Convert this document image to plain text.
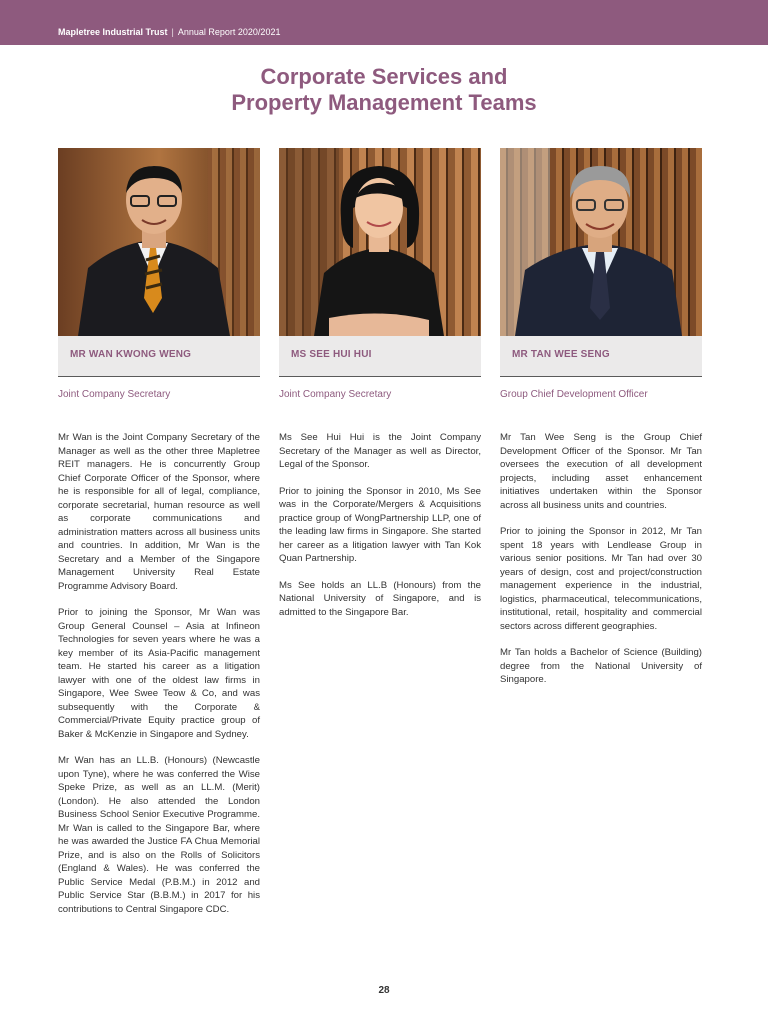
Mapletree Industrial Trust | Annual Report 2020/2021
Corporate Services and
Property Management Teams
MR WAN KWONG WENG
Joint Company Secretary

Mr Wan is the Joint Company Secretary of the Manager as well as the other three Mapletree REIT managers. He is concurrently Group Chief Corporate Officer of the Sponsor, where he is responsible for all of legal, compliance, corporate secretarial, human resource as well as corporate communications and administration matters across all business units and countries. In addition, Mr Wan is the Secretary and a Member of the Singapore Management University Real Estate Programme Advisory Board.

Prior to joining the Sponsor, Mr Wan was Group General Counsel – Asia at Infineon Technologies for seven years where he was a key member of its Asia-Pacific management team. He started his career as a litigation lawyer with one of the oldest law firms in Singapore, Wee Swee Teow & Co, and was subsequently with the Corporate & Commercial/Private Equity practice group of Baker & McKenzie in Singapore and Sydney.

Mr Wan has an LL.B. (Honours) (Newcastle upon Tyne), where he was conferred the Wise Speke Prize, as well as an LL.M. (Merit) (London). He also attended the London Business School Senior Executive Programme. Mr Wan is called to the Singapore Bar, where he was awarded the Justice FA Chua Memorial Prize, and is also on the Rolls of Solicitors (England & Wales). He was conferred the Public Service Medal (P.B.M.) in 2012 and Public Service Star (B.B.M.) in 2017 for his contributions to Central Singapore CDC.

MS SEE HUI HUI
Joint Company Secretary

Ms See Hui Hui is the Joint Company Secretary of the Manager as well as Director, Legal of the Sponsor.

Prior to joining the Sponsor in 2010, Ms See was in the Corporate/Mergers & Acquisitions practice group of WongPartnership LLP, one of the leading law firms in Singapore. She started her career as a litigation lawyer with Tan Kok Quan Partnership.

Ms See holds an LL.B (Honours) from the National University of Singapore, and is admitted to the Singapore Bar.

MR TAN WEE SENG
Group Chief Development Officer

Mr Tan Wee Seng is the Group Chief Development Officer of the Sponsor. Mr Tan oversees the execution of all development projects, including asset enhancement initiatives undertaken within the Sponsor across all business units and countries.

Prior to joining the Sponsor in 2012, Mr Tan spent 18 years with Lendlease Group in various senior positions. Mr Tan had over 30 years of design, cost and project/construction management experience in the industrial, logistics, pharmaceutical, telecommunications, institutional, retail, hospitality and commercial sectors across different geographies.

Mr Tan holds a Bachelor of Science (Building) degree from the National University of Singapore.

28
